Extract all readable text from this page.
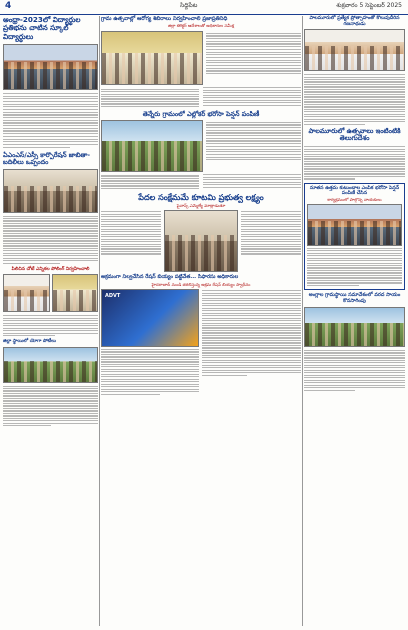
4	సిద్దిపేట	శుక్రవారం 5 సెప్టెంబర్ 2025
అంధ్రా-2023లో విద్యార్థుల ప్రతిభను చాటిన స్కూల్ విద్యార్థులు
ఏఎంఎస్/ఎస్సీ కార్పొరేషన్ జాబితా-బదిలీలు ఒప్పందం
పిలిచిన చోటే ఎన్నికల పోలింగ్ నిర్వహించాలి
జిల్లా స్థాయిలో యోగా పోటీలు
గ్రామ ఉత్సవాల్లో ఆరోగ్య శిబిరాలు నిర్వహించాలి ప్రజాప్రతినిధి
జిల్లా కలెక్టర్ ఆదేశాలతో అధికారుల సమీక్ష
తెన్నేరు గ్రామంలో ఎల్లోకర్ భరోసా పెన్షన్ పంపిణీ
పేదల సంక్షేమమే కూటమి ప్రభుత్వ లక్ష్యం
ఫైనాన్స్ ఎమ్మెల్యే మాట్లాడుతూ
అక్రమంగా నిల్వచేసిన రేషన్ బియ్యం పట్టివేత... సిఫారసు అధికారుల
హైదరాబాద్ నుండి తరలిస్తున్న అక్రమ రేషన్ బియ్యం స్వాధీనం
ADVT
పాలమూరులో ప్రత్యేక ప్రోత్సాహంతో కొలువుదీరిన గణనాథుడు
పాలమూరులో ఉత్సవాలు ఇంటింటికి తెలుగుదేశం
నూతన ఉత్తమ కుటుంబాల ఎంపిక భరోసా పెన్షన్ పంపిణీ చేసిన
కార్యక్రమంలో పాల్గొన్న నాయకులు
అంగ్లాల గ్రామస్థాయి సమావేశంలో వరద సాయం కొనసాగింపు
